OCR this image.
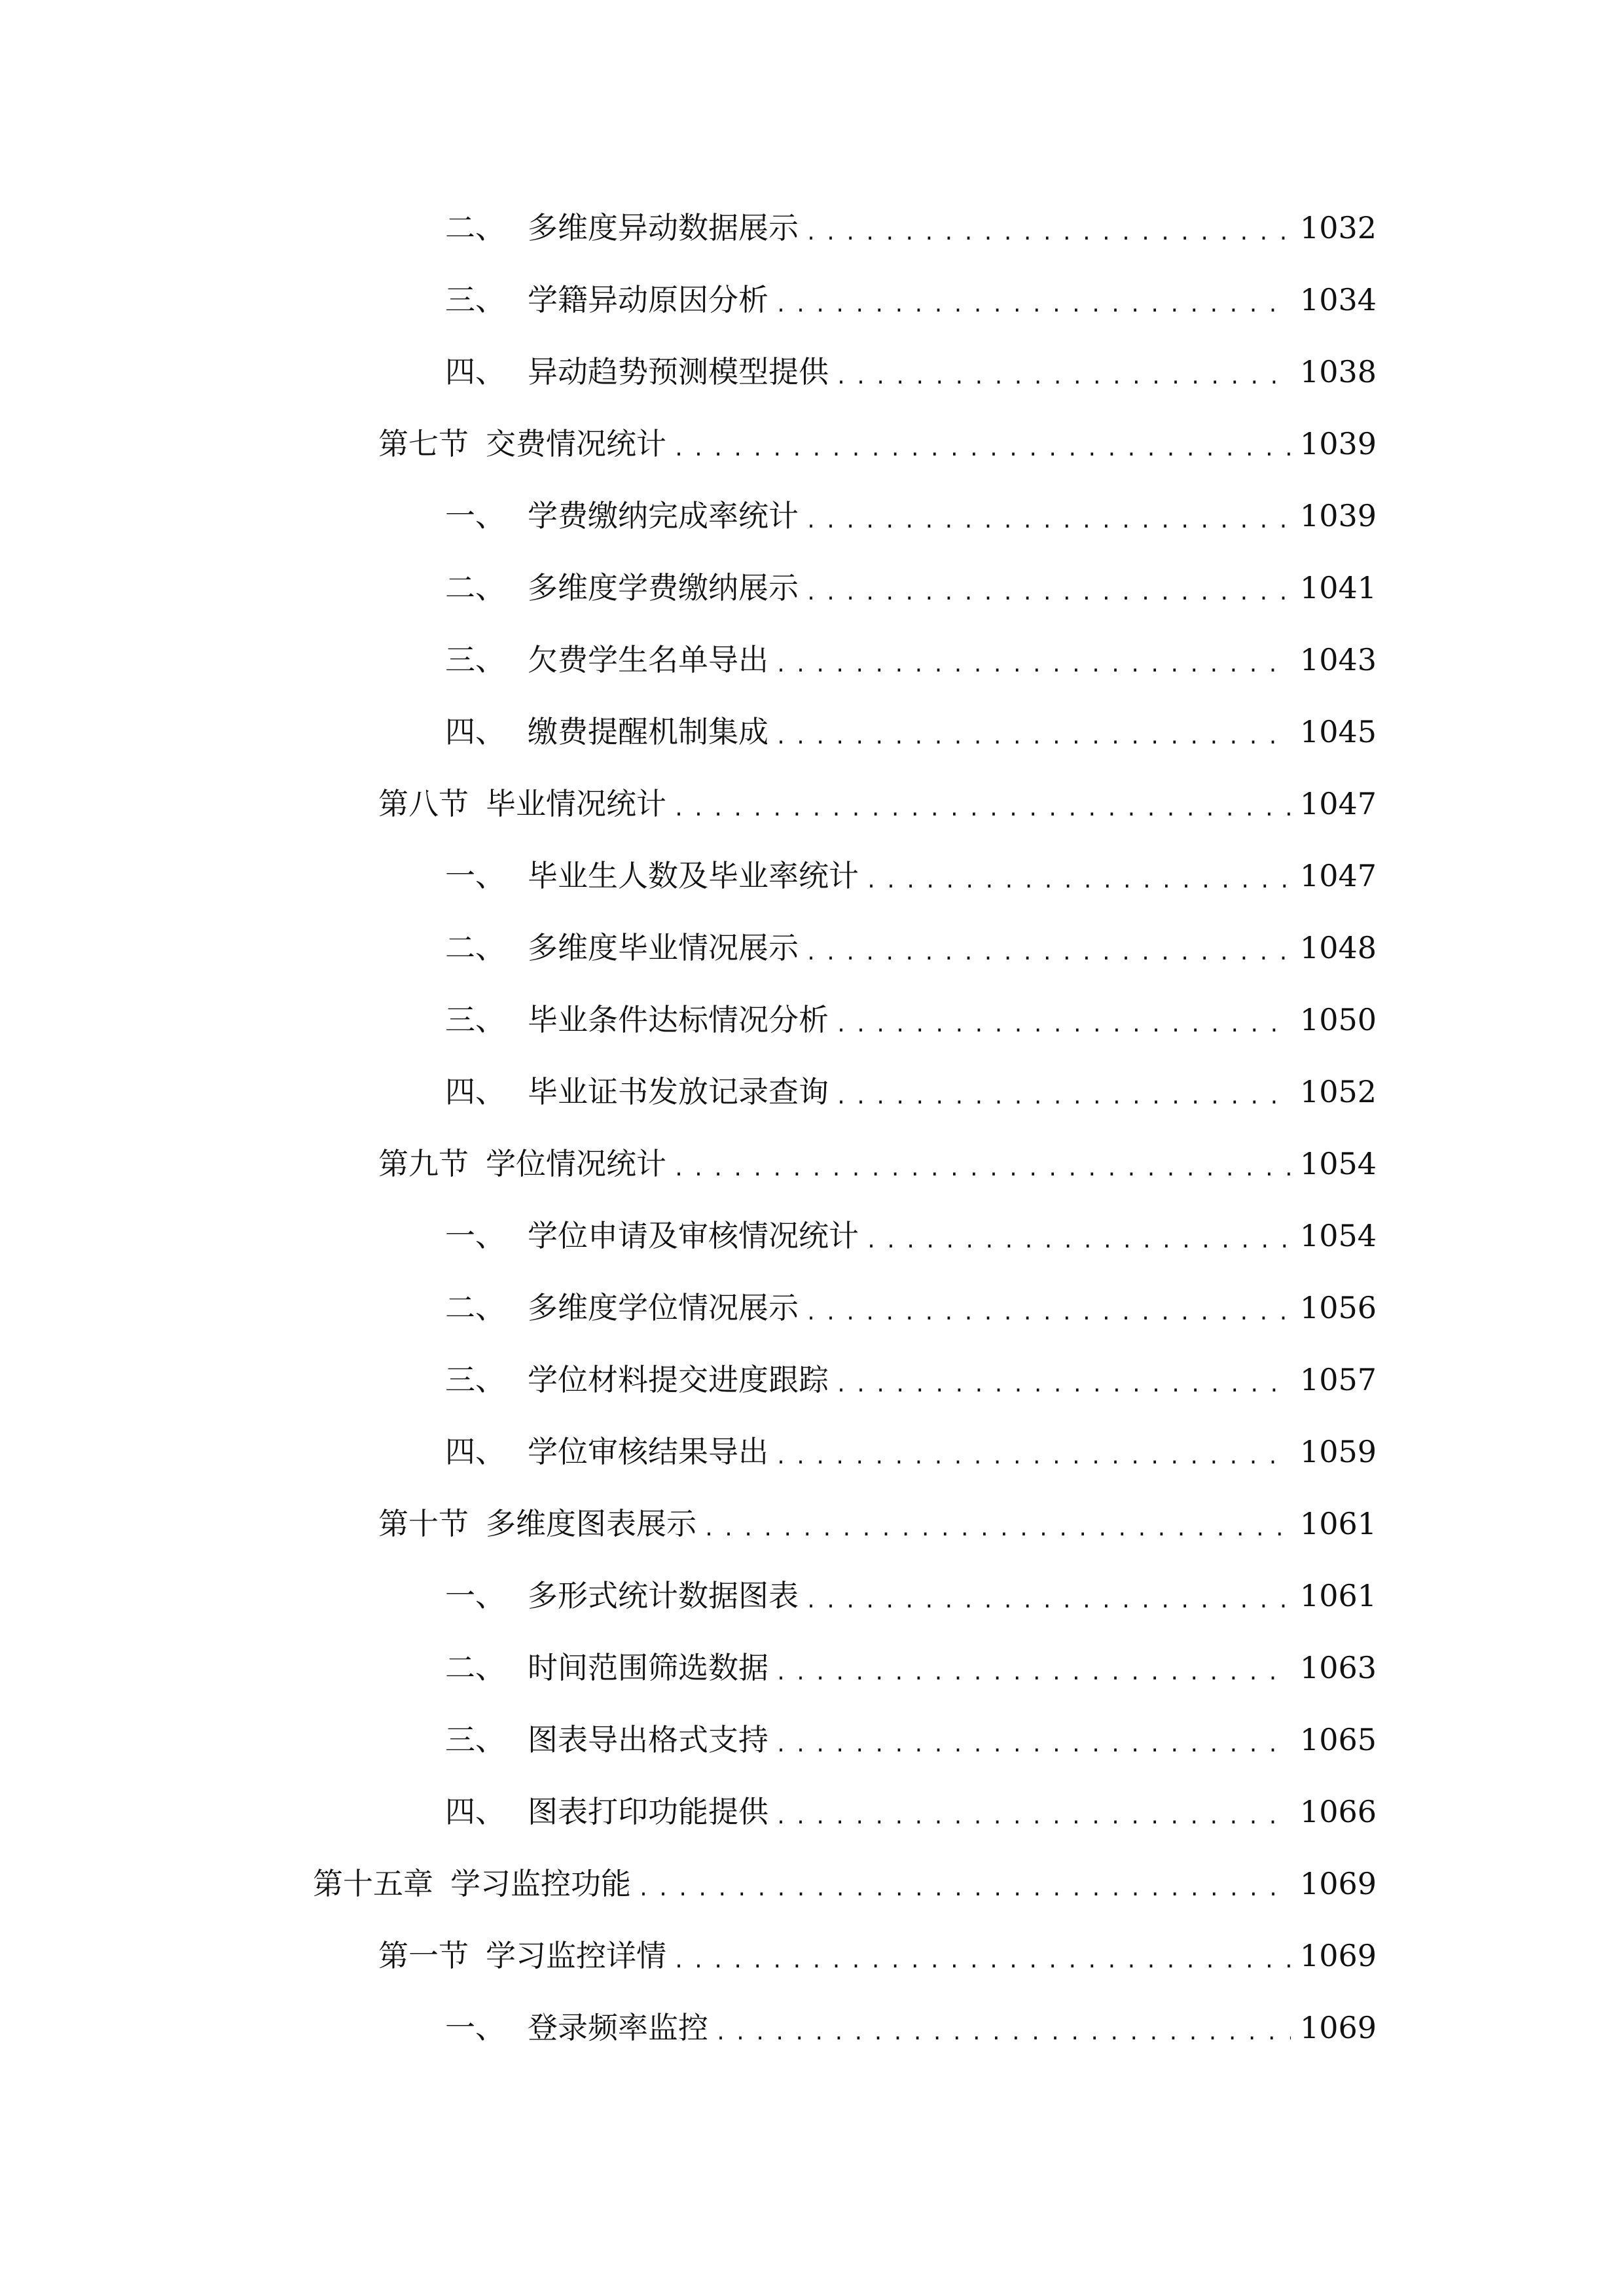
二、 多维度异动数据展示 .....	1032
三、 学籍异动原因分析 .....	1034
四、 异动趋势预测模型提供 .....	1038
第七节 交费情况统计 .....	1039
一、 学费缴纳完成率统计 .....	1039
二、 多维度学费缴纳展示 .....	1041
三、 欠费学生名单导出 .....	1043
四、 缴费提醒机制集成 .....	1045
第八节 毕业情况统计 .....	1047
一、 毕业生人数及毕业率统计 .....	1047
二、 多维度毕业情况展示 .....	1048
三、 毕业条件达标情况分析 .....	1050
四、 毕业证书发放记录查询 .....	1052
第九节 学位情况统计 .....	1054
一、 学位申请及审核情况统计 .....	1054
二、 多维度学位情况展示 .....	1056
三、 学位材料提交进度跟踪 .....	1057
四、 学位审核结果导出 .....	1059
第十节 多维度图表展示 .....	1061
一、 多形式统计数据图表 .....	1061
二、 时间范围筛选数据 .....	1063
三、 图表导出格式支持 .....	1065
四、 图表打印功能提供 .....	1066
第十五章 学习监控功能 .....	1069
第一节 学习监控详情 .....	1069
一、 登录频率监控 .....	1069
